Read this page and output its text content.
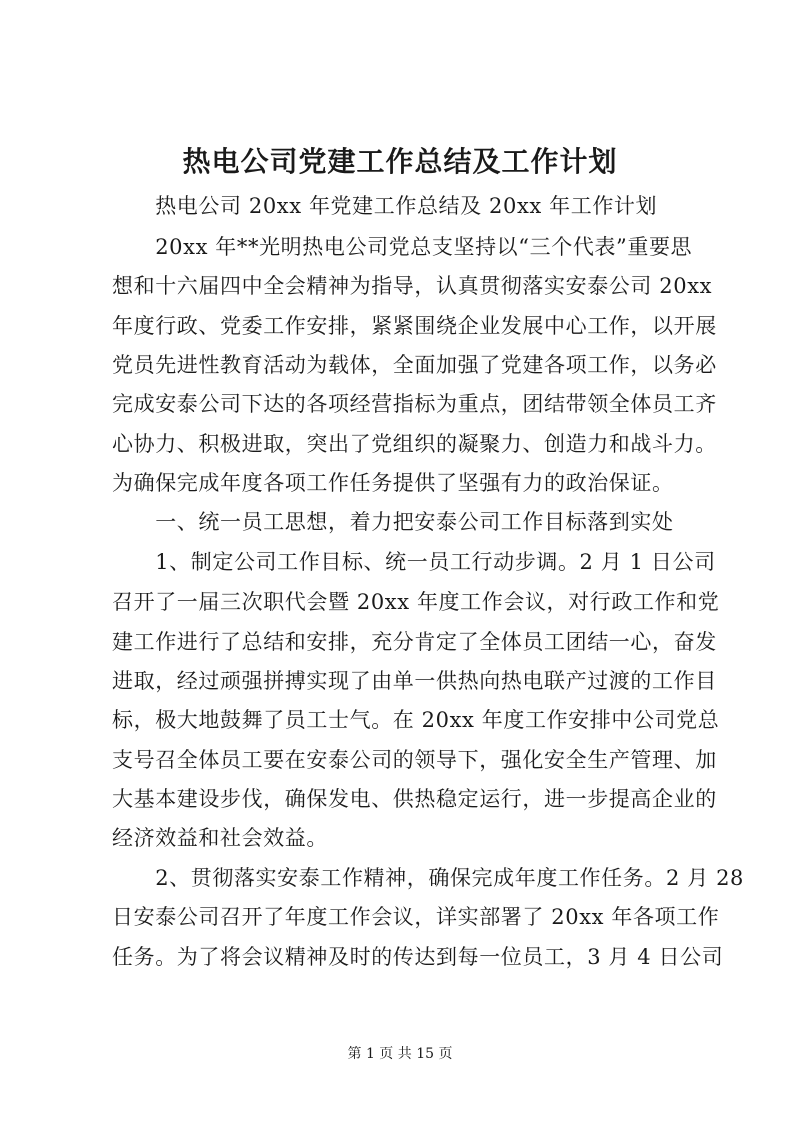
热电公司党建工作总结及工作计划
　　热电公司 20xx 年党建工作总结及 20xx 年工作计划
　　20xx 年**光明热电公司党总支坚持以“三个代表”重要思
想和十六届四中全会精神为指导，认真贯彻落实安泰公司 20xx
年度行政、党委工作安排，紧紧围绕企业发展中心工作，以开展
党员先进性教育活动为载体，全面加强了党建各项工作，以务必
完成安泰公司下达的各项经营指标为重点，团结带领全体员工齐
心协力、积极进取，突出了党组织的凝聚力、创造力和战斗力。
为确保完成年度各项工作任务提供了坚强有力的政治保证。
　　一、统一员工思想，着力把安泰公司工作目标落到实处
　　1、制定公司工作目标、统一员工行动步调。2 月 1 日公司
召开了一届三次职代会暨 20xx 年度工作会议，对行政工作和党
建工作进行了总结和安排，充分肯定了全体员工团结一心，奋发
进取，经过顽强拼搏实现了由单一供热向热电联产过渡的工作目
标，极大地鼓舞了员工士气。在 20xx 年度工作安排中公司党总
支号召全体员工要在安泰公司的领导下，强化安全生产管理、加
大基本建设步伐，确保发电、供热稳定运行，进一步提高企业的
经济效益和社会效益。
　　2、贯彻落实安泰工作精神，确保完成年度工作任务。2 月 28
日安泰公司召开了年度工作会议，详实部署了 20xx 年各项工作
任务。为了将会议精神及时的传达到每一位员工，3 月 4 日公司
第 1 页 共 15 页
